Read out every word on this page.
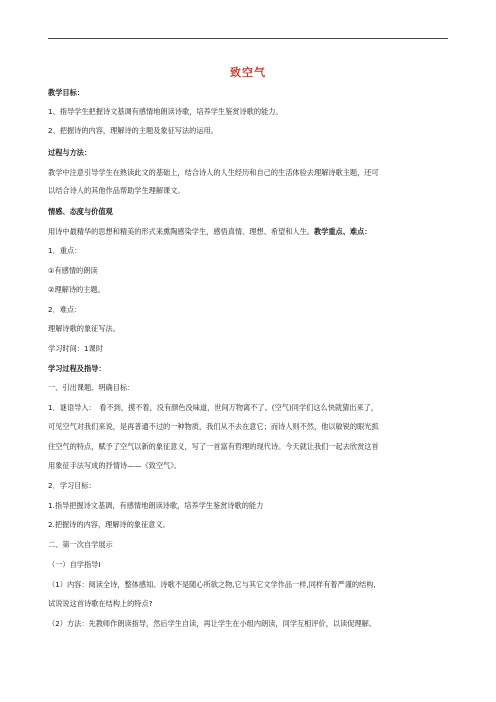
致空气
教学目标：
1、指导学生把握诗文基调有感情地朗读诗歌，培养学生鉴赏诗歌的能力。
2、把握诗的内容，理解诗的主题及象征写法的运用。
过程与方法：
教学中注意引导学生在熟读此文的基础上，结合诗人的人生经历和自己的生活体验去理解诗歌主题，还可
以结合诗人的其他作品帮助学生理解课文。
情感、态度与价值观
用诗中最精华的思想和精美的形式来熏陶感染学生，感悟真情、理想、希望和人生。教学重点、难点：
1．重点：
①有感情的朗读
②理解诗的主题。
2．难点：
理解诗歌的象征写法。
学习时间：1课时
学习过程及指导：
一、引出课题、明确目标：
1．谜语导入：　看不到，摸不着，没有颜色没味道，世间万物离不了。(空气)同学们这么快就猜出来了，
可见空气对我们来说，是再普通不过的一种物质，我们从不去在意它；而诗人则不然，他以敏锐的眼光抓
住空气的特点，赋予了空气以新的象征意义，写了一首富有哲理的现代诗。今天就让我们一起去欣赏这首
用象征手法写成的抒情诗——《致空气》。
2．学习目标：
1.指导把握诗文基调，有感情地朗读诗歌，培养学生鉴赏诗歌的能力
2.把握诗的内容，理解诗的象征意义。
二、第一次自学展示
（一）自学指导Ⅰ
（1）内容：阅读全诗，整体感知。诗歌不是随心所欲之物,它与其它文学作品一样,同样有着严谨的结构,
试说说这首诗歌在结构上的特点?
（2）方法：先教师作朗读指导，然后学生自读，再让学生在小组内朗读，同学互相评价，以读促理解。
